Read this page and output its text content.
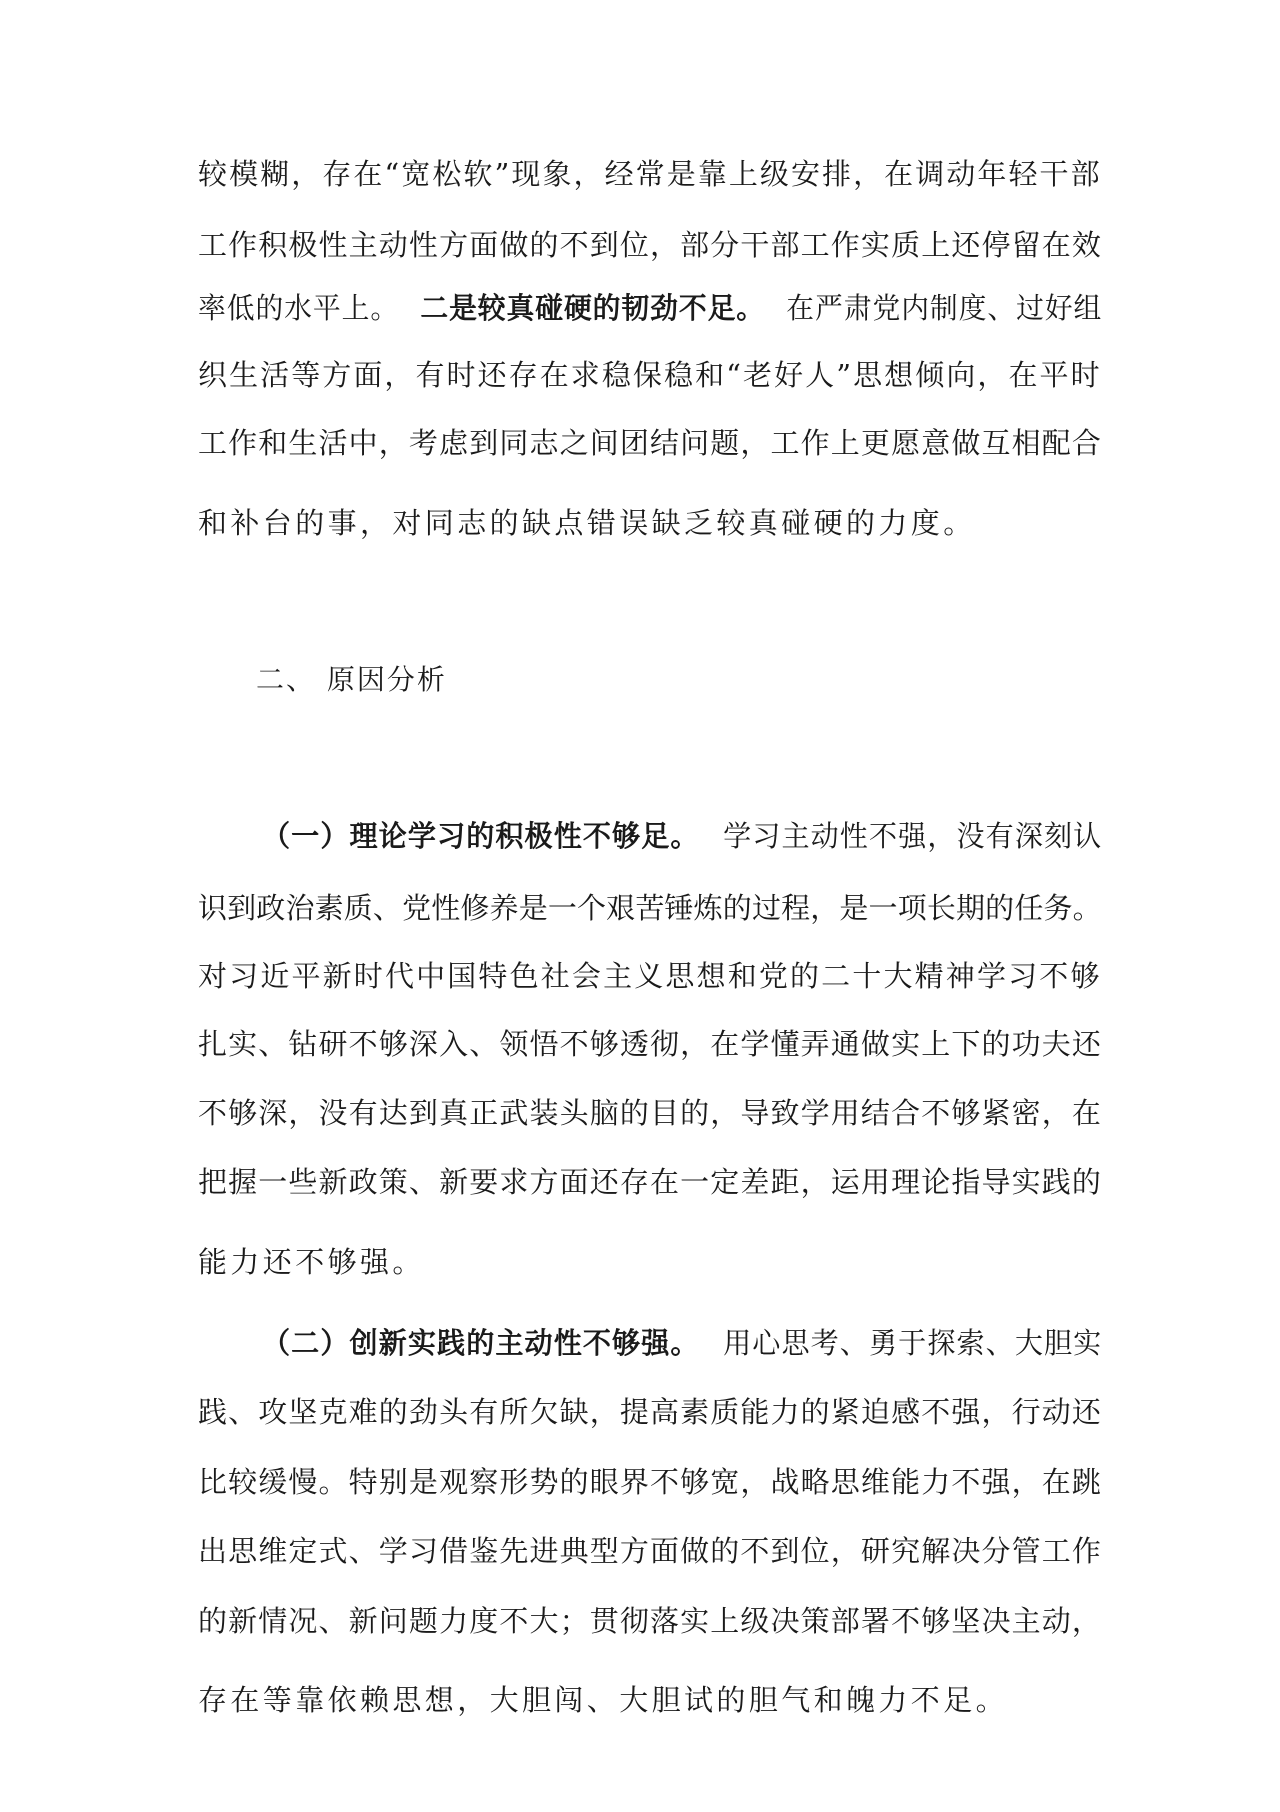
较模糊，存在“宽松软”现象，经常是靠上级安排，在调动年轻干部
工作积极性主动性方面做的不到位，部分干部工作实质上还停留在效
率低的水平上。 二是较真碰硬的韧劲不足。 在严肃党内制度、过好组
织生活等方面，有时还存在求稳保稳和“老好人”思想倾向，在平时
工作和生活中，考虑到同志之间团结问题，工作上更愿意做互相配合
和补台的事，对同志的缺点错误缺乏较真碰硬的力度。
二、 原因分析
（一）理论学习的积极性不够足。 学习主动性不强，没有深刻认
识到政治素质、党性修养是一个艰苦锤炼的过程，是一项长期的任务。
对习近平新时代中国特色社会主义思想和党的二十大精神学习不够
扎实、钻研不够深入、领悟不够透彻，在学懂弄通做实上下的功夫还
不够深，没有达到真正武装头脑的目的，导致学用结合不够紧密，在
把握一些新政策、新要求方面还存在一定差距，运用理论指导实践的
能力还不够强。
（二）创新实践的主动性不够强。 用心思考、勇于探索、大胆实
践、攻坚克难的劲头有所欠缺，提高素质能力的紧迫感不强，行动还
比较缓慢。特别是观察形势的眼界不够宽，战略思维能力不强，在跳
出思维定式、学习借鉴先进典型方面做的不到位，研究解决分管工作
的新情况、新问题力度不大；贯彻落实上级决策部署不够坚决主动，
存在等靠依赖思想，大胆闯、大胆试的胆气和魄力不足。
